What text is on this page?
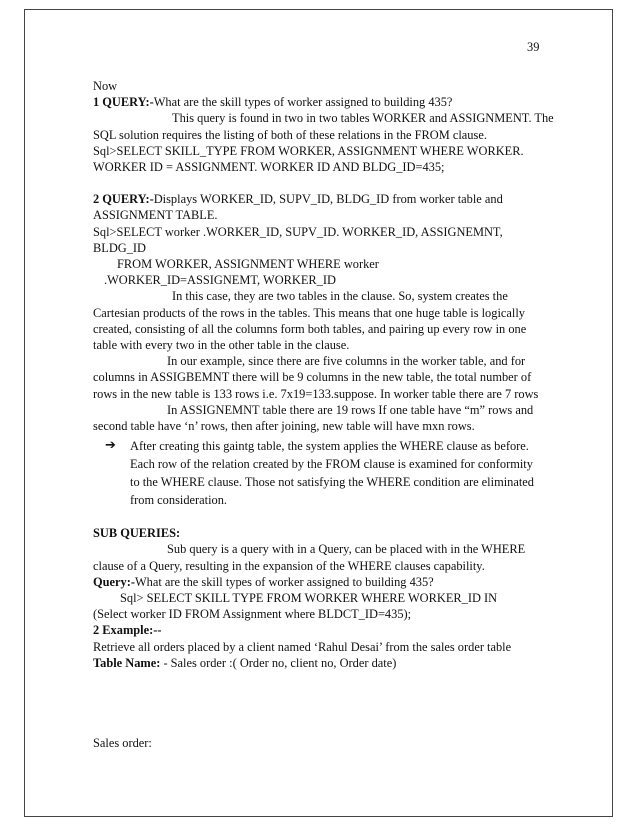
39
Now
1 QUERY:-What are the skill types of worker assigned to building 435?
This query is found in two in two tables WORKER and ASSIGNMENT. The
SQL solution requires the listing of both of these relations in the FROM clause.
Sql>SELECT SKILL_TYPE FROM WORKER, ASSIGNMENT WHERE WORKER.
WORKER ID = ASSIGNMENT. WORKER ID AND BLDG_ID=435;
2 QUERY:-Displays WORKER_ID, SUPV_ID, BLDG_ID from worker table and
ASSIGNMENT TABLE.
Sql>SELECT worker .WORKER_ID, SUPV_ID. WORKER_ID, ASSIGNEMNT,
BLDG_ID
FROM WORKER, ASSIGNMENT WHERE worker
.WORKER_ID=ASSIGNEMT, WORKER_ID
In this case, they are two tables in the clause. So, system creates the
Cartesian products of the rows in the tables. This means that one huge table is logically
created, consisting of all the columns form both tables, and pairing up every row in one
table with every two in the other table in the clause.
In our example, since there are five columns in the worker table, and for
columns in ASSIGBEMNT there will be 9 columns in the new table, the total number of
rows in the new table is 133 rows i.e. 7x19=133.suppose. In worker table there are 7 rows
In ASSIGNEMNT table there are 19 rows If one table have “m” rows and
second table have ‘n’ rows, then after joining, new table will have mxn rows.
➔ After creating this gaintg table, the system applies the WHERE clause as before.
Each row of the relation created by the FROM clause is examined for conformity
to the WHERE clause. Those not satisfying the WHERE condition are eliminated
from consideration.
SUB QUERIES:
Sub query is a query with in a Query, can be placed with in the WHERE
clause of a Query, resulting in the expansion of the WHERE clauses capability.
Query:-What are the skill types of worker assigned to building 435?
Sql> SELECT SKILL TYPE FROM WORKER WHERE WORKER_ID IN
(Select worker ID FROM Assignment where BLDCT_ID=435);
2 Example:--
Retrieve all orders placed by a client named ‘Rahul Desai’ from the sales order table
Table Name: - Sales order :( Order no, client no, Order date)
Sales order:
